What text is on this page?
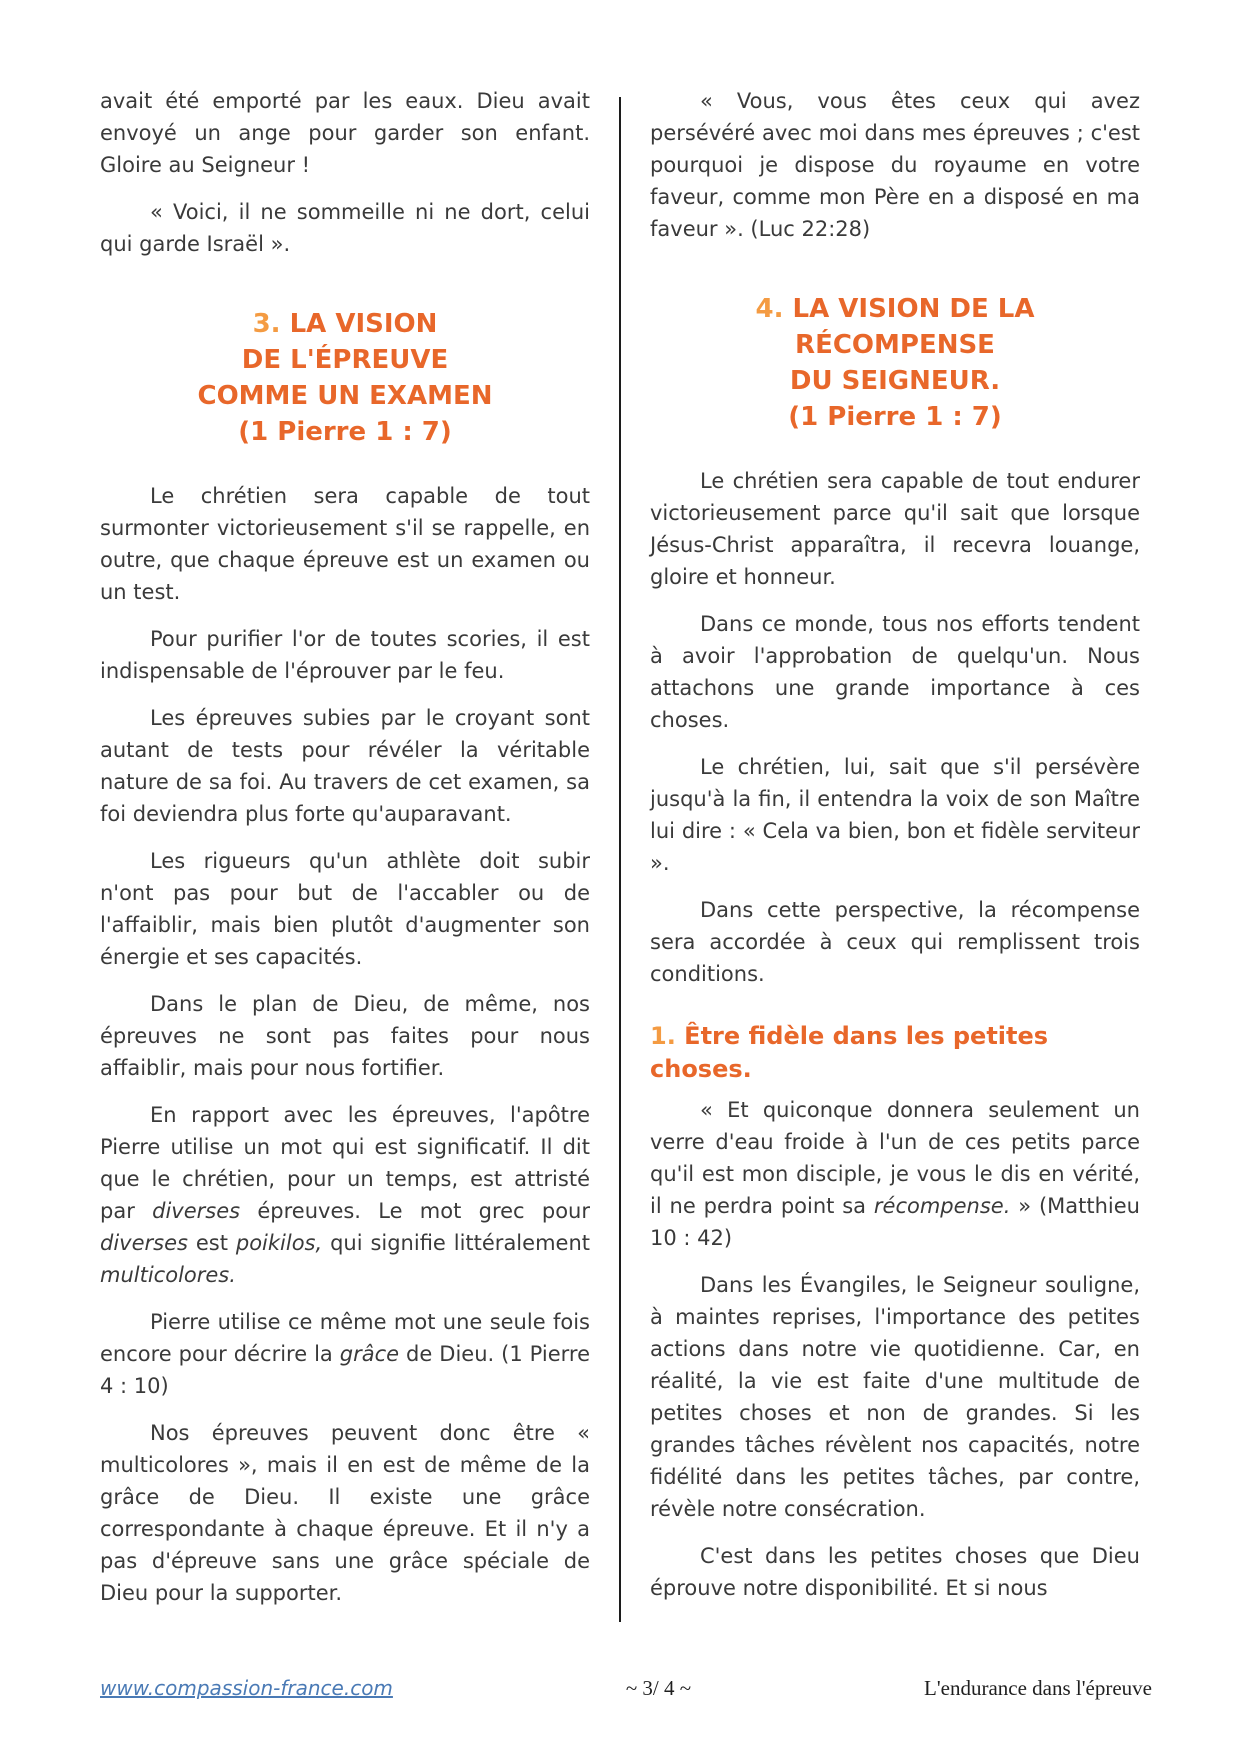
avait été emporté par les eaux. Dieu avait envoyé un ange pour garder son enfant. Gloire au Seigneur !

« Voici, il ne sommeille ni ne dort, celui qui garde Israël ».

3. LA VISION
DE L'ÉPREUVE
COMME UN EXAMEN
(1 Pierre 1 : 7)

Le chrétien sera capable de tout surmonter victorieusement s'il se rappelle, en outre, que chaque épreuve est un examen ou un test.

Pour purifier l'or de toutes scories, il est indispensable de l'éprouver par le feu.

Les épreuves subies par le croyant sont autant de tests pour révéler la véritable nature de sa foi. Au travers de cet examen, sa foi deviendra plus forte qu'auparavant.

Les rigueurs qu'un athlète doit subir n'ont pas pour but de l'accabler ou de l'affaiblir, mais bien plutôt d'augmenter son énergie et ses capacités.

Dans le plan de Dieu, de même, nos épreuves ne sont pas faites pour nous affaiblir, mais pour nous fortifier.

En rapport avec les épreuves, l'apôtre Pierre utilise un mot qui est significatif. Il dit que le chrétien, pour un temps, est attristé par diverses épreuves. Le mot grec pour diverses est poikilos, qui signifie littéralement multicolores.

Pierre utilise ce même mot une seule fois encore pour décrire la grâce de Dieu. (1 Pierre 4 : 10)

Nos épreuves peuvent donc être « multicolores », mais il en est de même de la grâce de Dieu. Il existe une grâce correspondante à chaque épreuve. Et il n'y a pas d'épreuve sans une grâce spéciale de Dieu pour la supporter.

« Vous, vous êtes ceux qui avez persévéré avec moi dans mes épreuves ; c'est pourquoi je dispose du royaume en votre faveur, comme mon Père en a disposé en ma faveur ». (Luc 22:28)

4. LA VISION DE LA
RÉCOMPENSE
DU SEIGNEUR.
(1 Pierre 1 : 7)

Le chrétien sera capable de tout endurer victorieusement parce qu'il sait que lorsque Jésus-Christ apparaîtra, il recevra louange, gloire et honneur.

Dans ce monde, tous nos efforts tendent à avoir l'approbation de quelqu'un. Nous attachons une grande importance à ces choses.

Le chrétien, lui, sait que s'il persévère jusqu'à la fin, il entendra la voix de son Maître lui dire : « Cela va bien, bon et fidèle serviteur ».

Dans cette perspective, la récompense sera accordée à ceux qui remplissent trois conditions.

1. Être fidèle dans les petites choses.

« Et quiconque donnera seulement un verre d'eau froide à l'un de ces petits parce qu'il est mon disciple, je vous le dis en vérité, il ne perdra point sa récompense. » (Matthieu 10 : 42)

Dans les Évangiles, le Seigneur souligne, à maintes reprises, l'importance des petites actions dans notre vie quotidienne. Car, en réalité, la vie est faite d'une multitude de petites choses et non de grandes. Si les grandes tâches révèlent nos capacités, notre fidélité dans les petites tâches, par contre, révèle notre consécration.

C'est dans les petites choses que Dieu éprouve notre disponibilité. Et si nous

www.compassion-france.com	~ 3/ 4 ~	L'endurance dans l'épreuve
